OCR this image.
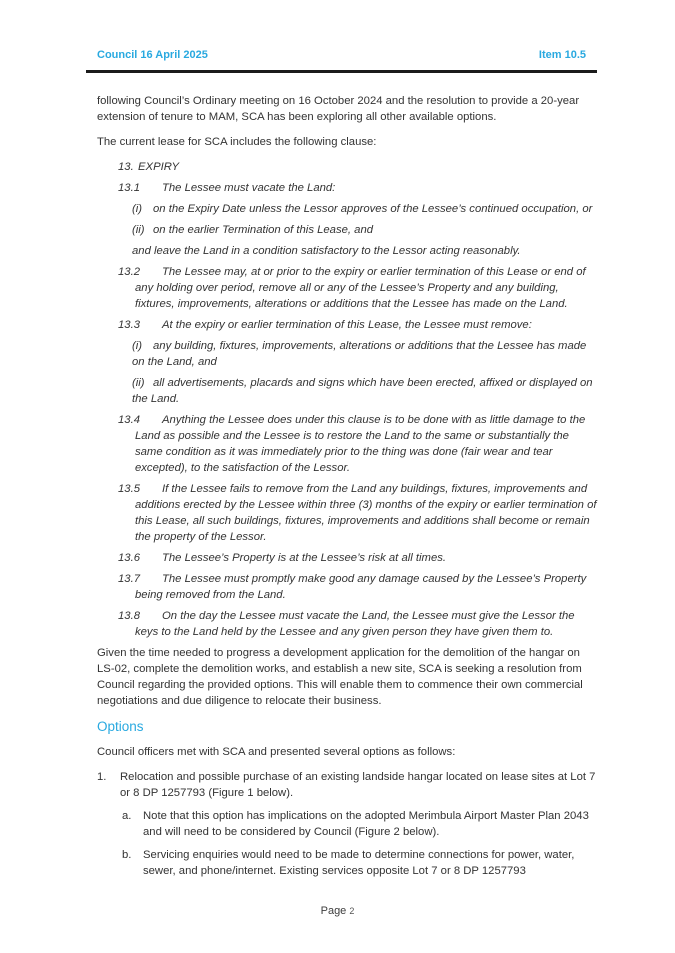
Council 16 April 2025	Item 10.5

following Council’s Ordinary meeting on 16 October 2024 and the resolution to provide a 20-year extension of tenure to MAM, SCA has been exploring all other available options.

The current lease for SCA includes the following clause:

13. EXPIRY
13.1 The Lessee must vacate the Land:
(i) on the Expiry Date unless the Lessor approves of the Lessee’s continued occupation, or
(ii) on the earlier Termination of this Lease, and
and leave the Land in a condition satisfactory to the Lessor acting reasonably.
13.2 The Lessee may, at or prior to the expiry or earlier termination of this Lease or end of any holding over period, remove all or any of the Lessee’s Property and any building, fixtures, improvements, alterations or additions that the Lessee has made on the Land.
13.3 At the expiry or earlier termination of this Lease, the Lessee must remove:
(i) any building, fixtures, improvements, alterations or additions that the Lessee has made on the Land, and
(ii) all advertisements, placards and signs which have been erected, affixed or displayed on the Land.
13.4 Anything the Lessee does under this clause is to be done with as little damage to the Land as possible and the Lessee is to restore the Land to the same or substantially the same condition as it was immediately prior to the thing was done (fair wear and tear excepted), to the satisfaction of the Lessor.
13.5 If the Lessee fails to remove from the Land any buildings, fixtures, improvements and additions erected by the Lessee within three (3) months of the expiry or earlier termination of this Lease, all such buildings, fixtures, improvements and additions shall become or remain the property of the Lessor.
13.6 The Lessee’s Property is at the Lessee’s risk at all times.
13.7 The Lessee must promptly make good any damage caused by the Lessee’s Property being removed from the Land.
13.8 On the day the Lessee must vacate the Land, the Lessee must give the Lessor the keys to the Land held by the Lessee and any given person they have given them to.

Given the time needed to progress a development application for the demolition of the hangar on LS-02, complete the demolition works, and establish a new site, SCA is seeking a resolution from Council regarding the provided options. This will enable them to commence their own commercial negotiations and due diligence to relocate their business.

Options

Council officers met with SCA and presented several options as follows:

1.	Relocation and possible purchase of an existing landside hangar located on lease sites at Lot 7 or 8 DP 1257793 (Figure 1 below).
a.	Note that this option has implications on the adopted Merimbula Airport Master Plan 2043 and will need to be considered by Council (Figure 2 below).
b.	Servicing enquiries would need to be made to determine connections for power, water, sewer, and phone/internet. Existing services opposite Lot 7 or 8 DP 1257793
Page 2
